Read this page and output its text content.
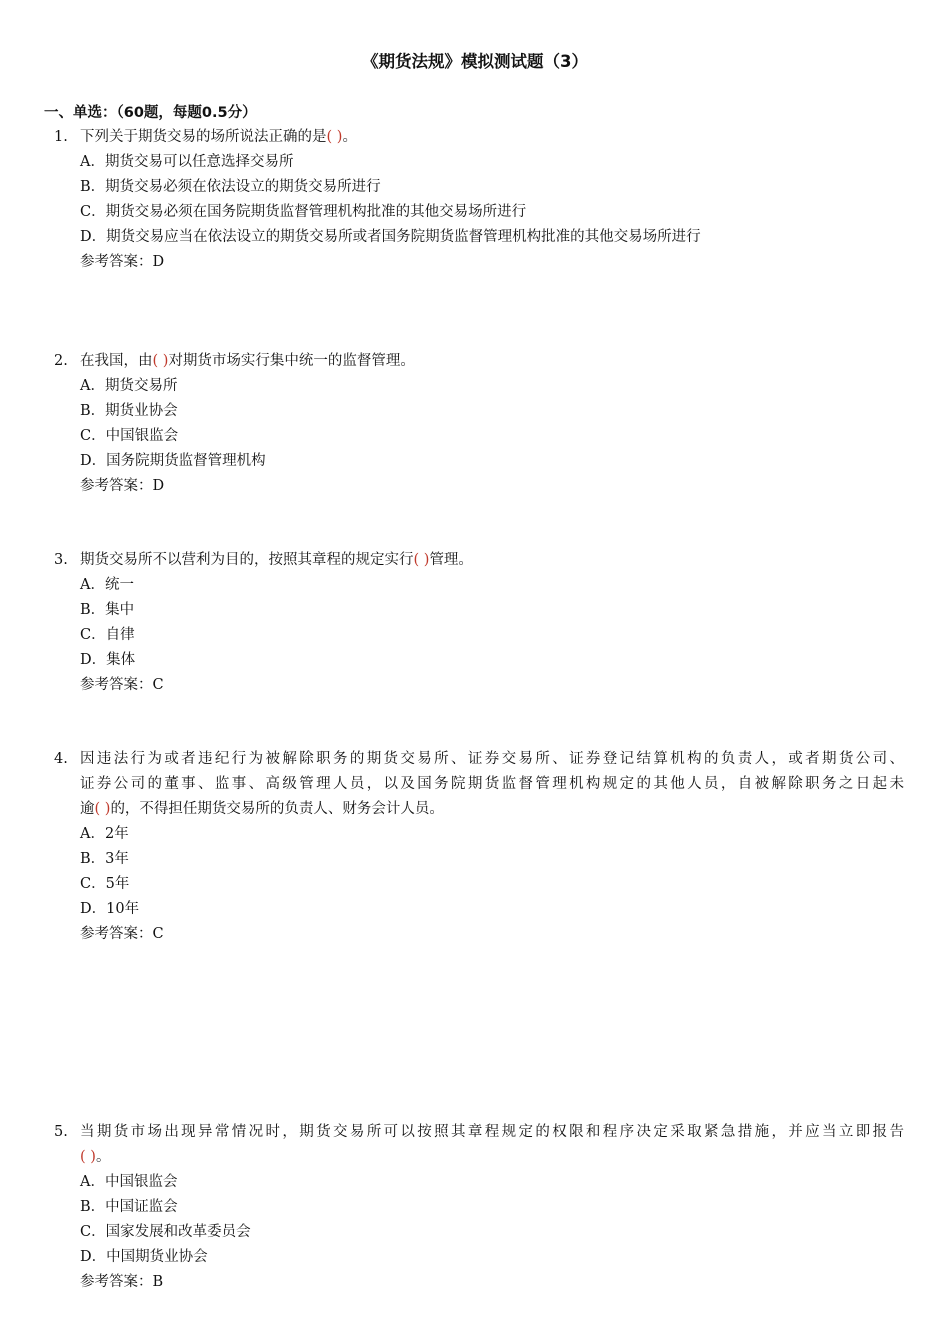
《期货法规》模拟测试题（3）
一、单选：（60题，每题0.5分）
1. 下列关于期货交易的场所说法正确的是( )。
A．期货交易可以任意选择交易所
B．期货交易必须在依法设立的期货交易所进行
C．期货交易必须在国务院期货监督管理机构批准的其他交易场所进行
D．期货交易应当在依法设立的期货交易所或者国务院期货监督管理机构批准的其他交易场所进行
参考答案：D
2. 在我国，由( )对期货市场实行集中统一的监督管理。
A．期货交易所
B．期货业协会
C．中国银监会
D．国务院期货监督管理机构
参考答案：D
3. 期货交易所不以营利为目的，按照其章程的规定实行( )管理。
A．统一
B．集中
C．自律
D．集体
参考答案：C
4. 因违法行为或者违纪行为被解除职务的期货交易所、证券交易所、证券登记结算机构的负责人，或者期货公司、
证券公司的董事、监事、高级管理人员，以及国务院期货监督管理机构规定的其他人员，自被解除职务之日起未
逾( )的，不得担任期货交易所的负责人、财务会计人员。
A．2年
B．3年
C．5年
D．10年
参考答案：C
5. 当期货市场出现异常情况时，期货交易所可以按照其章程规定的权限和程序决定采取紧急措施，并应当立即报告
( )。
A．中国银监会
B．中国证监会
C．国家发展和改革委员会
D．中国期货业协会
参考答案：B
